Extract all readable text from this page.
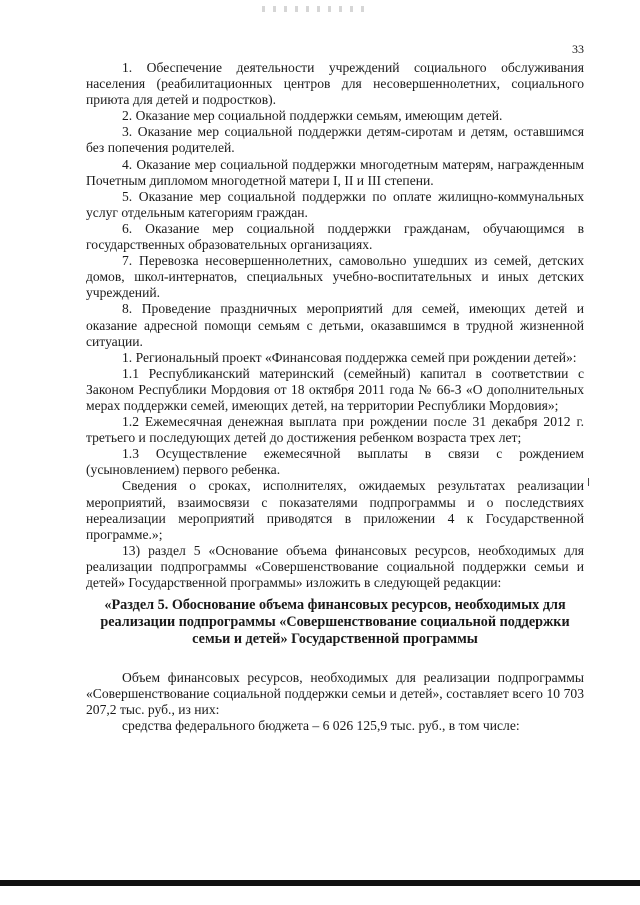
33

1. Обеспечение деятельности учреждений социального обслуживания населения (реабилитационных центров для несовершеннолетних, социального приюта для детей и подростков).

2. Оказание мер социальной поддержки семьям, имеющим детей.

3. Оказание мер социальной поддержки детям-сиротам и детям, оставшимся без попечения родителей.

4. Оказание мер социальной поддержки многодетным матерям, награжденным Почетным дипломом многодетной матери I, II и III степени.

5. Оказание мер социальной поддержки по оплате жилищно-коммунальных услуг отдельным категориям граждан.

6. Оказание мер социальной поддержки гражданам, обучающимся в государственных образовательных организациях.

7. Перевозка несовершеннолетних, самовольно ушедших из семей, детских домов, школ-интернатов, специальных учебно-воспитательных и иных детских учреждений.

8. Проведение праздничных мероприятий для семей, имеющих детей и оказание адресной помощи семьям с детьми, оказавшимся в трудной жизненной ситуации.

1. Региональный проект «Финансовая поддержка семей при рождении детей»:

1.1 Республиканский материнский (семейный) капитал в соответствии с Законом Республики Мордовия от 18 октября 2011 года № 66-З «О дополнительных мерах поддержки семей, имеющих детей, на территории Республики Мордовия»;

1.2 Ежемесячная денежная выплата при рождении после 31 декабря 2012 г. третьего и последующих детей до достижения ребенком возраста трех лет;

1.3 Осуществление ежемесячной выплаты в связи с рождением (усыновлением) первого ребенка.

Сведения о сроках, исполнителях, ожидаемых результатах реализации мероприятий, взаимосвязи с показателями подпрограммы и о последствиях нереализации мероприятий приводятся в приложении 4 к Государственной программе.»;

13) раздел 5 «Основание объема финансовых ресурсов, необходимых для реализации подпрограммы «Совершенствование социальной поддержки семьи и детей» Государственной программы» изложить в следующей редакции:

«Раздел 5. Обоснование объема финансовых ресурсов, необходимых для реализации подпрограммы «Совершенствование социальной поддержки семьи и детей» Государственной программы

Объем финансовых ресурсов, необходимых для реализации подпрограммы «Совершенствование социальной поддержки семьи и детей», составляет всего 10 703 207,2 тыс. руб., из них:

средства федерального бюджета – 6 026 125,9 тыс. руб., в том числе:
